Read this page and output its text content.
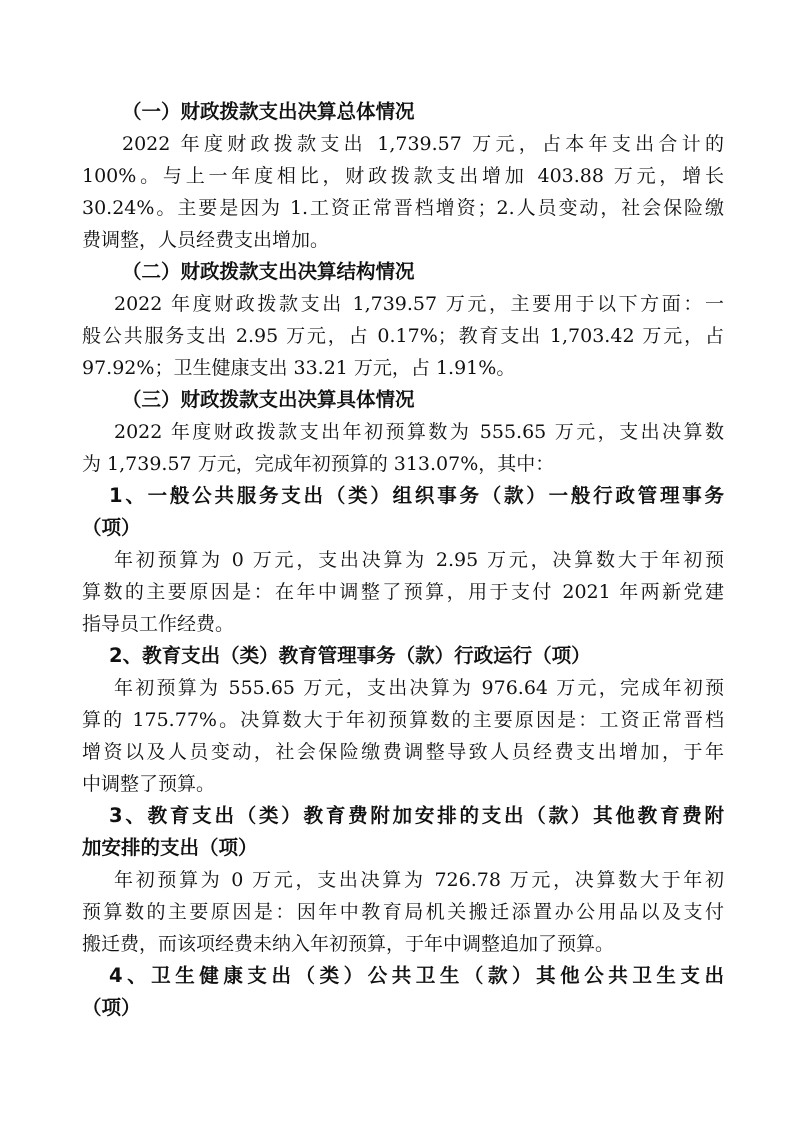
（一）财政拨款支出决算总体情况
2022 年度财政拨款支出 1,739.57 万元，占本年支出合计的
100%。与上一年度相比，财政拨款支出增加 403.88 万元，增长
30.24%。主要是因为 1.工资正常晋档增资；2.人员变动，社会保险缴
费调整，人员经费支出增加。
（二）财政拨款支出决算结构情况
2022 年度财政拨款支出 1,739.57 万元，主要用于以下方面：一
般公共服务支出 2.95 万元，占 0.17%；教育支出 1,703.42 万元，占
97.92%；卫生健康支出 33.21 万元，占 1.91%。
（三）财政拨款支出决算具体情况
2022 年度财政拨款支出年初预算数为 555.65 万元，支出决算数
为 1,739.57 万元，完成年初预算的 313.07%，其中：
1、一般公共服务支出（类）组织事务（款）一般行政管理事务
（项）
年初预算为 0 万元，支出决算为 2.95 万元，决算数大于年初预
算数的主要原因是：在年中调整了预算，用于支付 2021 年两新党建
指导员工作经费。
2、教育支出（类）教育管理事务（款）行政运行（项）
年初预算为 555.65 万元，支出决算为 976.64 万元，完成年初预
算的 175.77%。决算数大于年初预算数的主要原因是：工资正常晋档
增资以及人员变动，社会保险缴费调整导致人员经费支出增加，于年
中调整了预算。
3、教育支出（类）教育费附加安排的支出（款）其他教育费附
加安排的支出（项）
年初预算为 0 万元，支出决算为 726.78 万元，决算数大于年初
预算数的主要原因是：因年中教育局机关搬迁添置办公用品以及支付
搬迁费，而该项经费未纳入年初预算，于年中调整追加了预算。
4、卫生健康支出（类）公共卫生（款）其他公共卫生支出
（项）
